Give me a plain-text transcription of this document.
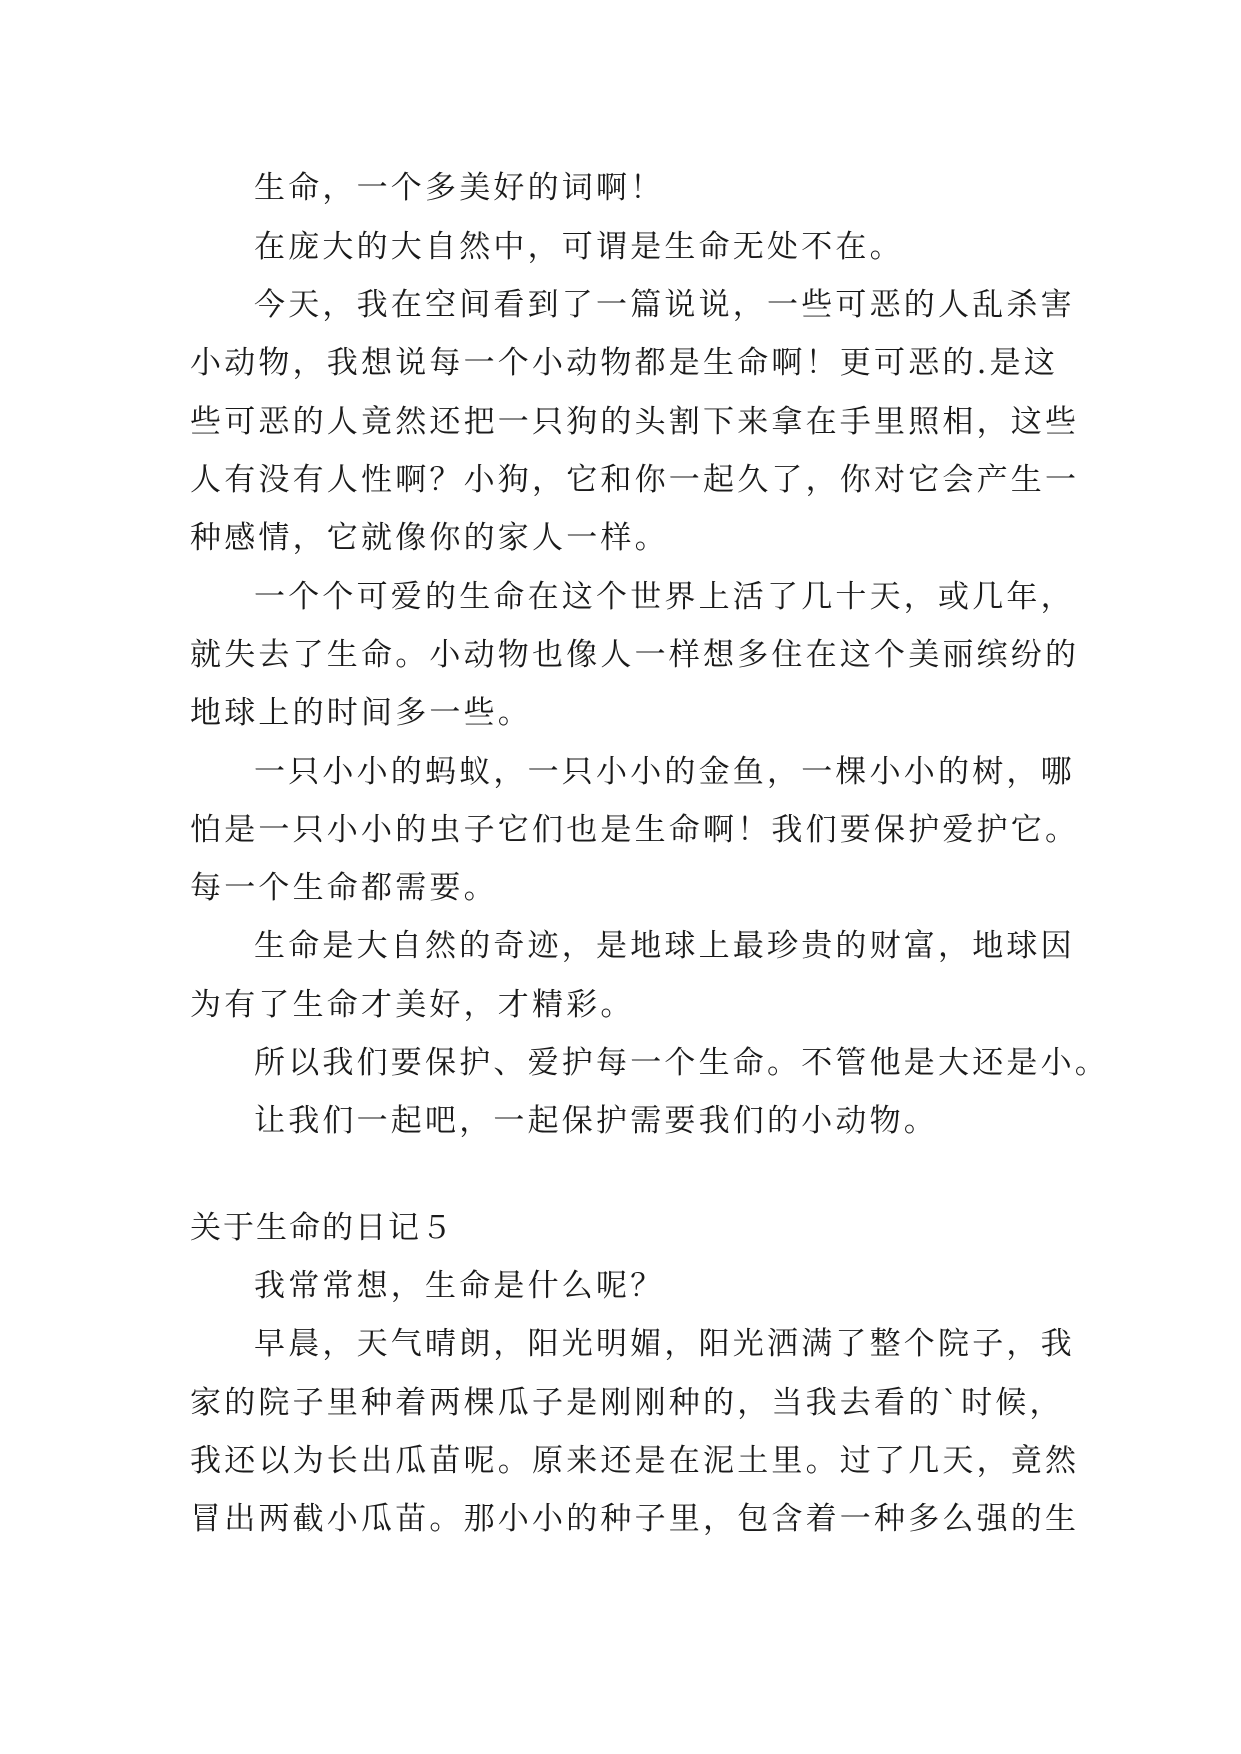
生命，一个多美好的词啊！
在庞大的大自然中，可谓是生命无处不在。
今天，我在空间看到了一篇说说，一些可恶的人乱杀害
小动物，我想说每一个小动物都是生命啊！更可恶的.是这
些可恶的人竟然还把一只狗的头割下来拿在手里照相，这些
人有没有人性啊？小狗，它和你一起久了，你对它会产生一
种感情，它就像你的家人一样。
一个个可爱的生命在这个世界上活了几十天，或几年，
就失去了生命。小动物也像人一样想多住在这个美丽缤纷的
地球上的时间多一些。
一只小小的蚂蚁，一只小小的金鱼，一棵小小的树，哪
怕是一只小小的虫子它们也是生命啊！我们要保护爱护它。
每一个生命都需要。
生命是大自然的奇迹，是地球上最珍贵的财富，地球因
为有了生命才美好，才精彩。
所以我们要保护、爱护每一个生命。不管他是大还是小。
让我们一起吧，一起保护需要我们的小动物。
关于生命的日记５
我常常想，生命是什么呢？
早晨，天气晴朗，阳光明媚，阳光洒满了整个院子，我
家的院子里种着两棵瓜子是刚刚种的，当我去看的`时候，
我还以为长出瓜苗呢。原来还是在泥土里。过了几天，竟然
冒出两截小瓜苗。那小小的种子里，包含着一种多么强的生
